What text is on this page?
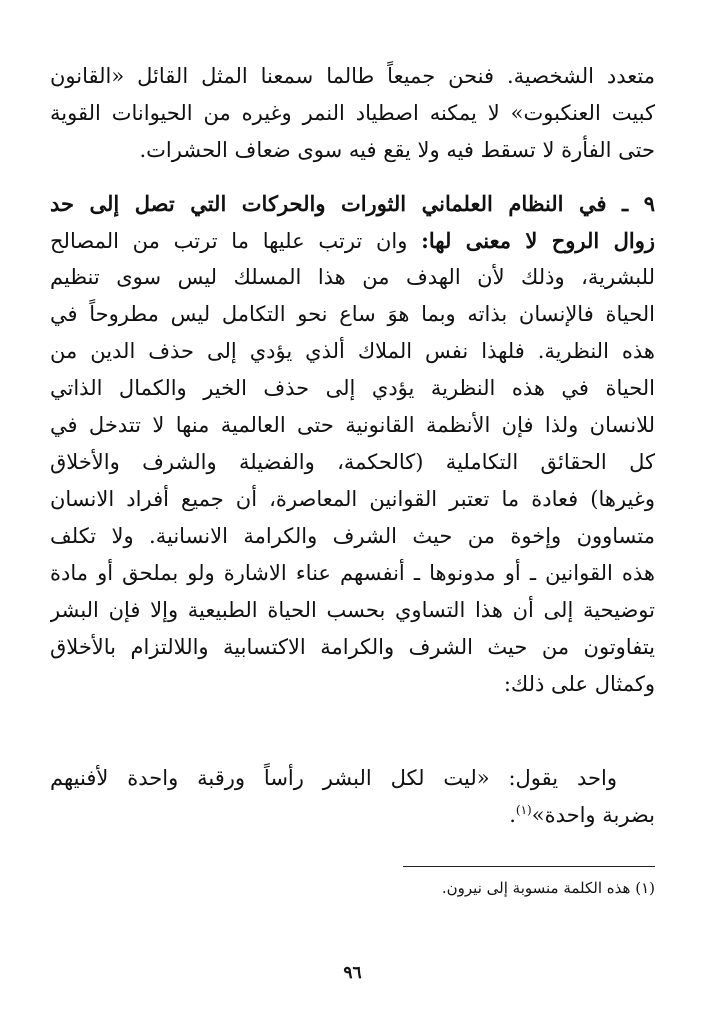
متعدد الشخصية. فنحن جميعاً طالما سمعنا المثل القائل «القانون
كبيت العنكبوت» لا يمكنه اصطياد النمر وغيره من الحيوانات القوية
حتى الفأرة لا تسقط فيه ولا يقع فيه سوى ضعاف الحشرات.
٩ ـ في النظام العلماني الثورات والحركات التي تصل إلى حد
زوال الروح لا معنى لها: وان ترتب عليها ما ترتب من المصالح
للبشرية، وذلك لأن الهدف من هذا المسلك ليس سوى تنظيم
الحياة فالإنسان بذاته وبما هوَ ساع نحو التكامل ليس مطروحاً في
هذه النظرية. فلهذا نفس الملاك ألذي يؤدي إلى حذف الدين من
الحياة في هذه النظرية يؤدي إلى حذف الخير والكمال الذاتي
للانسان ولذا فإن الأنظمة القانونية حتى العالمية منها لا تتدخل في
كل الحقائق التكاملية (كالحكمة، والفضيلة والشرف والأخلاق
وغيرها) فعادة ما تعتبر القوانين المعاصرة، أن جميع أفراد الانسان
متساوون وإخوة من حيث الشرف والكرامة الانسانية. ولا تكلف
هذه القوانين ـ أو مدونوها ـ أنفسهم عناء الاشارة ولو بملحق أو مادة
توضيحية إلى أن هذا التساوي بحسب الحياة الطبيعية وإلا فإن البشر
يتفاوتون من حيث الشرف والكرامة الاكتسابية واللالتزام بالأخلاق
وكمثال على ذلك:
واحد يقول: «ليت لكل البشر رأساً ورقبة واحدة لأفنيهم
بضربة واحدة»$^{(١)}$.
(١) هذه الكلمة منسوبة إلى نيرون.
٩٦
